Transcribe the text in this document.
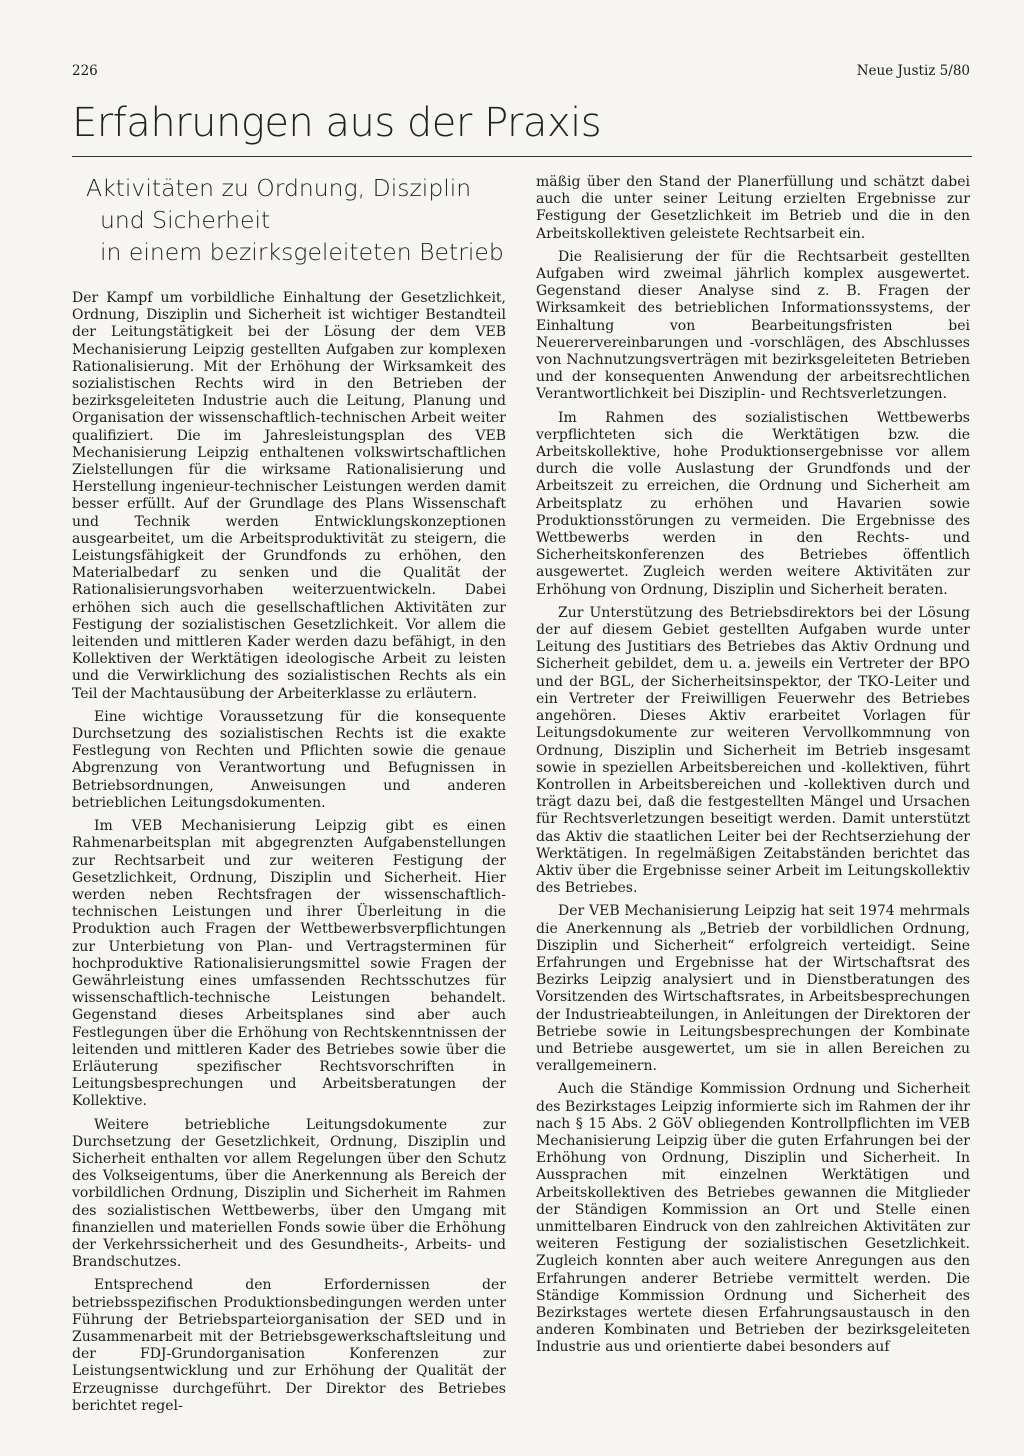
226	Neue Justiz 5/80
Erfahrungen aus der Praxis
Aktivitäten zu Ordnung, Disziplin
und Sicherheit
in einem bezirksgeleiteten Betrieb

Der Kampf um vorbildliche Einhaltung der Gesetzlichkeit, Ordnung, Disziplin und Sicherheit ist wichtiger Bestandteil der Leitungstätigkeit bei der Lösung der dem VEB Mechanisierung Leipzig gestellten Aufgaben zur komplexen Rationalisierung. Mit der Erhöhung der Wirksamkeit des sozialistischen Rechts wird in den Betrieben der bezirksgeleiteten Industrie auch die Leitung, Planung und Organisation der wissenschaftlich-technischen Arbeit weiter qualifiziert. Die im Jahresleistungsplan des VEB Mechanisierung Leipzig enthaltenen volkswirtschaftlichen Zielstellungen für die wirksame Rationalisierung und Herstellung ingenieur-technischer Leistungen werden damit besser erfüllt. Auf der Grundlage des Plans Wissenschaft und Technik werden Entwicklungskonzeptionen ausgearbeitet, um die Arbeitsproduktivität zu steigern, die Leistungsfähigkeit der Grundfonds zu erhöhen, den Materialbedarf zu senken und die Qualität der Rationalisierungsvorhaben weiterzuentwickeln. Dabei erhöhen sich auch die gesellschaftlichen Aktivitäten zur Festigung der sozialistischen Gesetzlichkeit. Vor allem die leitenden und mittleren Kader werden dazu befähigt, in den Kollektiven der Werktätigen ideologische Arbeit zu leisten und die Verwirklichung des sozialistischen Rechts als ein Teil der Machtausübung der Arbeiterklasse zu erläutern.

Eine wichtige Voraussetzung für die konsequente Durchsetzung des sozialistischen Rechts ist die exakte Festlegung von Rechten und Pflichten sowie die genaue Abgrenzung von Verantwortung und Befugnissen in Betriebsordnungen, Anweisungen und anderen betrieblichen Leitungsdokumenten.

Im VEB Mechanisierung Leipzig gibt es einen Rahmenarbeitsplan mit abgegrenzten Aufgabenstellungen zur Rechtsarbeit und zur weiteren Festigung der Gesetzlichkeit, Ordnung, Disziplin und Sicherheit. Hier werden neben Rechtsfragen der wissenschaftlich-technischen Leistungen und ihrer Überleitung in die Produktion auch Fragen der Wettbewerbsverpflichtungen zur Unterbietung von Plan- und Vertragsterminen für hochproduktive Rationalisierungsmittel sowie Fragen der Gewährleistung eines umfassenden Rechtsschutzes für wissenschaftlich-technische Leistungen behandelt. Gegenstand dieses Arbeitsplanes sind aber auch Festlegungen über die Erhöhung von Rechtskenntnissen der leitenden und mittleren Kader des Betriebes sowie über die Erläuterung spezifischer Rechtsvorschriften in Leitungsbesprechungen und Arbeitsberatungen der Kollektive.

Weitere betriebliche Leitungsdokumente zur Durchsetzung der Gesetzlichkeit, Ordnung, Disziplin und Sicherheit enthalten vor allem Regelungen über den Schutz des Volkseigentums, über die Anerkennung als Bereich der vorbildlichen Ordnung, Disziplin und Sicherheit im Rahmen des sozialistischen Wettbewerbs, über den Umgang mit finanziellen und materiellen Fonds sowie über die Erhöhung der Verkehrssicherheit und des Gesundheits-, Arbeits- und Brandschutzes.

Entsprechend den Erfordernissen der betriebsspezifischen Produktionsbedingungen werden unter Führung der Betriebsparteiorganisation der SED und in Zusammenarbeit mit der Betriebsgewerkschaftsleitung und der FDJ-Grundorganisation Konferenzen zur Leistungsentwicklung und zur Erhöhung der Qualität der Erzeugnisse durchgeführt. Der Direktor des Betriebes berichtet regel-

mäßig über den Stand der Planerfüllung und schätzt dabei auch die unter seiner Leitung erzielten Ergebnisse zur Festigung der Gesetzlichkeit im Betrieb und die in den Arbeitskollektiven geleistete Rechtsarbeit ein.

Die Realisierung der für die Rechtsarbeit gestellten Aufgaben wird zweimal jährlich komplex ausgewertet. Gegenstand dieser Analyse sind z. B. Fragen der Wirksamkeit des betrieblichen Informationssystems, der Einhaltung von Bearbeitungsfristen bei Neuerervereinbarungen und -vorschlägen, des Abschlusses von Nachnutzungsverträgen mit bezirksgeleiteten Betrieben und der konsequenten Anwendung der arbeitsrechtlichen Verantwortlichkeit bei Disziplin- und Rechtsverletzungen.

Im Rahmen des sozialistischen Wettbewerbs verpflichteten sich die Werktätigen bzw. die Arbeitskollektive, hohe Produktionsergebnisse vor allem durch die volle Auslastung der Grundfonds und der Arbeitszeit zu erreichen, die Ordnung und Sicherheit am Arbeitsplatz zu erhöhen und Havarien sowie Produktionsstörungen zu vermeiden. Die Ergebnisse des Wettbewerbs werden in den Rechts- und Sicherheitskonferenzen des Betriebes öffentlich ausgewertet. Zugleich werden weitere Aktivitäten zur Erhöhung von Ordnung, Disziplin und Sicherheit beraten.

Zur Unterstützung des Betriebsdirektors bei der Lösung der auf diesem Gebiet gestellten Aufgaben wurde unter Leitung des Justitiars des Betriebes das Aktiv Ordnung und Sicherheit gebildet, dem u. a. jeweils ein Vertreter der BPO und der BGL, der Sicherheitsinspektor, der TKO-Leiter und ein Vertreter der Freiwilligen Feuerwehr des Betriebes angehören. Dieses Aktiv erarbeitet Vorlagen für Leitungsdokumente zur weiteren Vervollkommnung von Ordnung, Disziplin und Sicherheit im Betrieb insgesamt sowie in speziellen Arbeitsbereichen und -kollektiven, führt Kontrollen in Arbeitsbereichen und -kollektiven durch und trägt dazu bei, daß die festgestellten Mängel und Ursachen für Rechtsverletzungen beseitigt werden. Damit unterstützt das Aktiv die staatlichen Leiter bei der Rechtserziehung der Werktätigen. In regelmäßigen Zeitabständen berichtet das Aktiv über die Ergebnisse seiner Arbeit im Leitungskollektiv des Betriebes.

Der VEB Mechanisierung Leipzig hat seit 1974 mehrmals die Anerkennung als „Betrieb der vorbildlichen Ordnung, Disziplin und Sicherheit“ erfolgreich verteidigt. Seine Erfahrungen und Ergebnisse hat der Wirtschaftsrat des Bezirks Leipzig analysiert und in Dienstberatungen des Vorsitzenden des Wirtschaftsrates, in Arbeitsbesprechungen der Industrieabteilungen, in Anleitungen der Direktoren der Betriebe sowie in Leitungsbesprechungen der Kombinate und Betriebe ausgewertet, um sie in allen Bereichen zu verallgemeinern.

Auch die Ständige Kommission Ordnung und Sicherheit des Bezirkstages Leipzig informierte sich im Rahmen der ihr nach § 15 Abs. 2 GöV obliegenden Kontrollpflichten im VEB Mechanisierung Leipzig über die guten Erfahrungen bei der Erhöhung von Ordnung, Disziplin und Sicherheit. In Aussprachen mit einzelnen Werktätigen und Arbeitskollektiven des Betriebes gewannen die Mitglieder der Ständigen Kommission an Ort und Stelle einen unmittelbaren Eindruck von den zahlreichen Aktivitäten zur weiteren Festigung der sozialistischen Gesetzlichkeit. Zugleich konnten aber auch weitere Anregungen aus den Erfahrungen anderer Betriebe vermittelt werden. Die Ständige Kommission Ordnung und Sicherheit des Bezirkstages wertete diesen Erfahrungsaustausch in den anderen Kombinaten und Betrieben der bezirksgeleiteten Industrie aus und orientierte dabei besonders auf
